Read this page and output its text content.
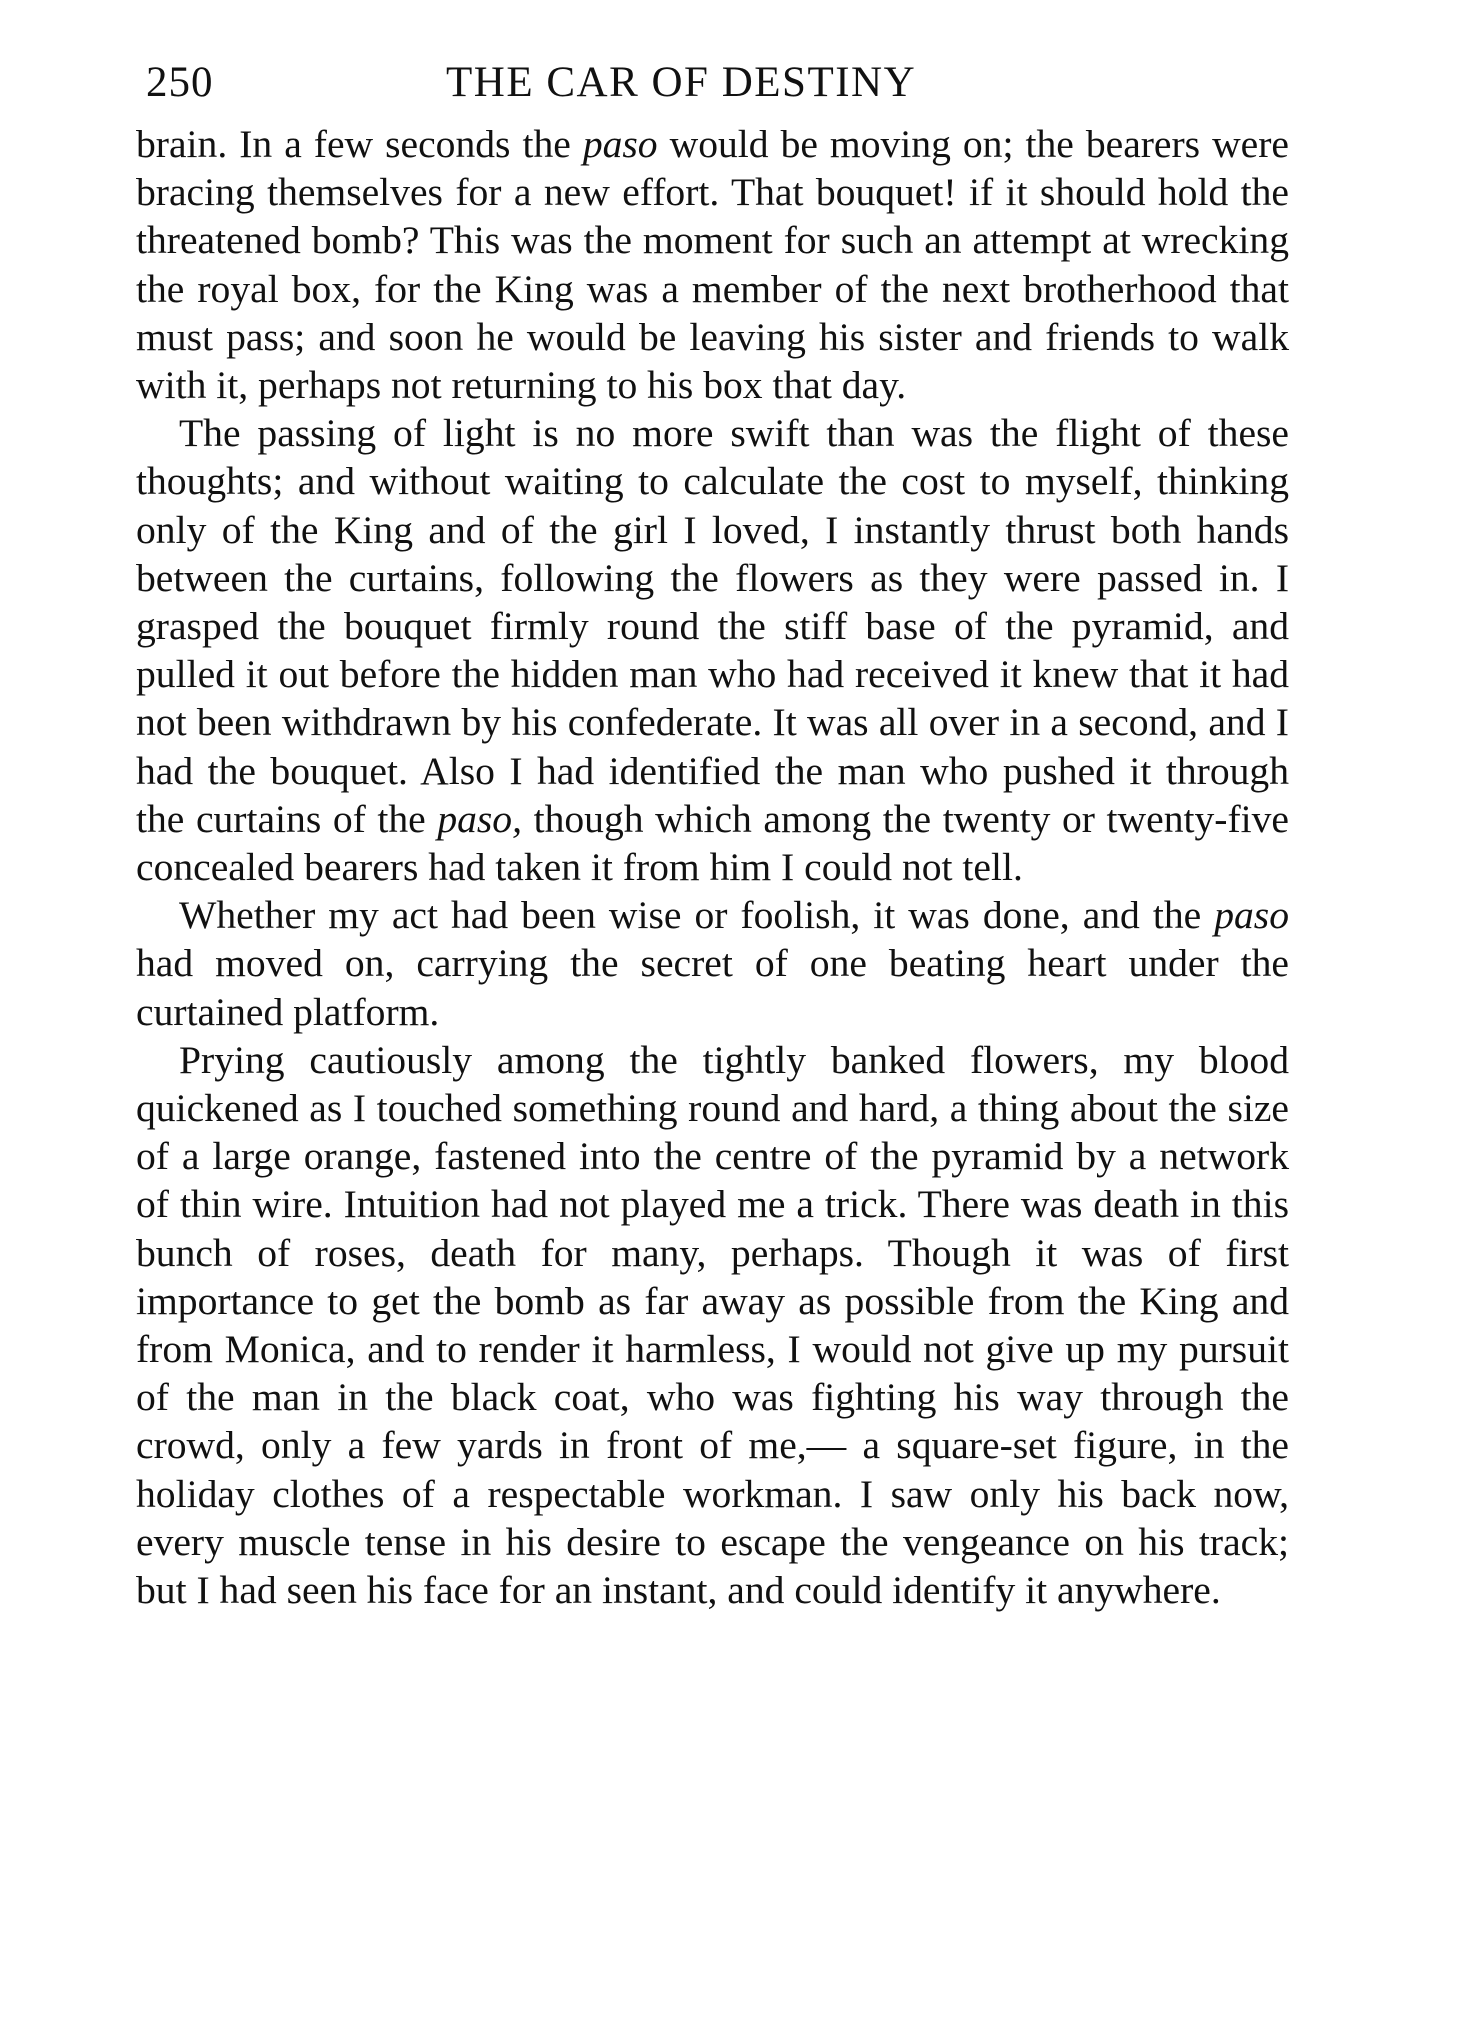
250	THE CAR OF DESTINY

brain. In a few seconds the paso would be moving on; the bearers were bracing themselves for a new effort. That bouquet! if it should hold the threatened bomb? This was the moment for such an attempt at wrecking the royal box, for the King was a member of the next brotherhood that must pass; and soon he would be leaving his sister and friends to walk with it, perhaps not returning to his box that day.

The passing of light is no more swift than was the flight of these thoughts; and without waiting to calculate the cost to myself, thinking only of the King and of the girl I loved, I instantly thrust both hands between the curtains, following the flowers as they were passed in. I grasped the bouquet firmly round the stiff base of the pyramid, and pulled it out before the hidden man who had received it knew that it had not been withdrawn by his confederate. It was all over in a second, and I had the bouquet. Also I had identified the man who pushed it through the curtains of the paso, though which among the twenty or twenty-five concealed bearers had taken it from him I could not tell.

Whether my act had been wise or foolish, it was done, and the paso had moved on, carrying the secret of one beating heart under the curtained platform.

Prying cautiously among the tightly banked flowers, my blood quickened as I touched something round and hard, a thing about the size of a large orange, fastened into the centre of the pyramid by a network of thin wire. Intuition had not played me a trick. There was death in this bunch of roses, death for many, perhaps. Though it was of first importance to get the bomb as far away as possible from the King and from Monica, and to render it harmless, I would not give up my pursuit of the man in the black coat, who was fighting his way through the crowd, only a few yards in front of me,— a square-set figure, in the holiday clothes of a respectable workman. I saw only his back now, every muscle tense in his desire to escape the vengeance on his track; but I had seen his face for an instant, and could identify it anywhere.
